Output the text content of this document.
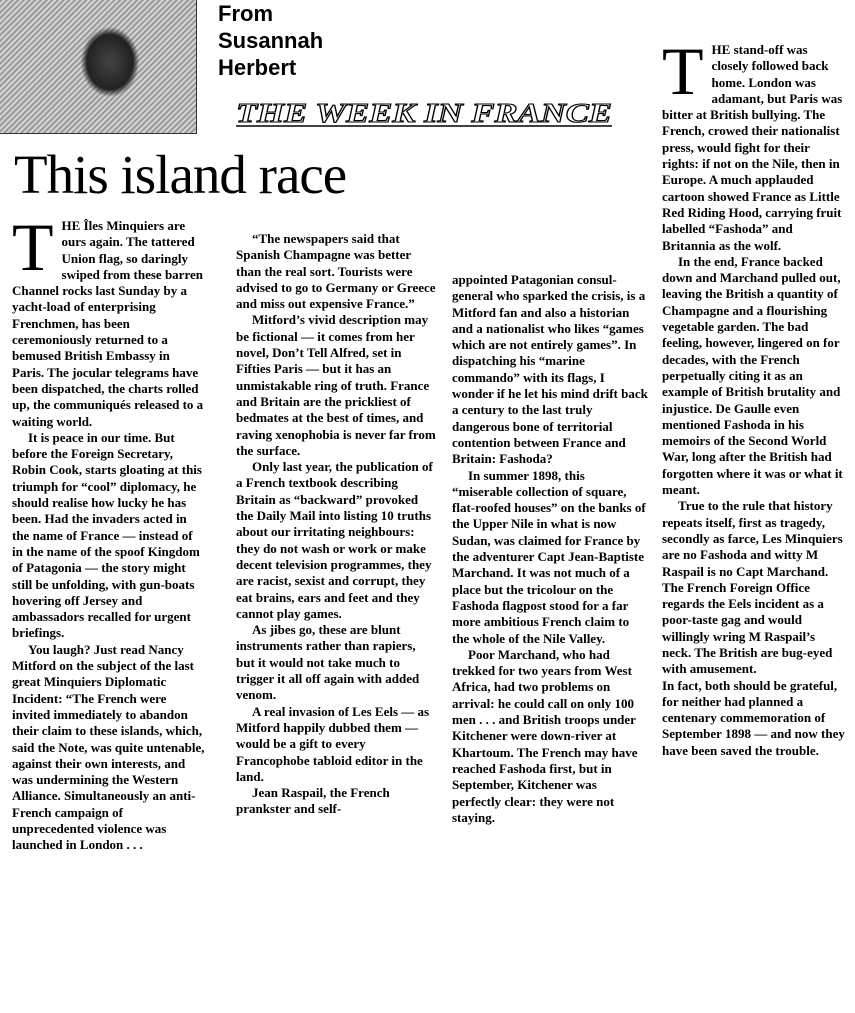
From
Susannah
Herbert
THE WEEK IN FRANCE
This island race
T HE Îles Minquiers are ours again. The tattered Union flag, so daringly swiped from these barren Channel rocks last Sunday by a yacht-load of enterprising Frenchmen, has been ceremoniously returned to a bemused British Embassy in Paris. The jocular telegrams have been dispatched, the charts rolled up, the communiqués released to a waiting world.

It is peace in our time. But before the Foreign Secretary, Robin Cook, starts gloating at this triumph for “cool” diplomacy, he should realise how lucky he has been. Had the invaders acted in the name of France — instead of in the name of the spoof Kingdom of Patagonia — the story might still be unfolding, with gun-boats hovering off Jersey and ambassadors recalled for urgent briefings.

You laugh? Just read Nancy Mitford on the subject of the last great Minquiers Diplomatic Incident: “The French were invited immediately to abandon their claim to these islands, which, said the Note, was quite untenable, against their own interests, and was undermining the Western Alliance. Simultaneously an anti-French campaign of unprecedented violence was launched in London . . .

“The newspapers said that Spanish Champagne was better than the real sort. Tourists were advised to go to Germany or Greece and miss out expensive France.”

Mitford’s vivid description may be fictional — it comes from her novel, Don’t Tell Alfred, set in Fifties Paris — but it has an unmistakable ring of truth. France and Britain are the prickliest of bedmates at the best of times, and raving xenophobia is never far from the surface.

Only last year, the publication of a French textbook describing Britain as “backward” provoked the Daily Mail into listing 10 truths about our irritating neighbours: they do not wash or work or make decent television programmes, they are racist, sexist and corrupt, they eat brains, ears and feet and they cannot play games.

As jibes go, these are blunt instruments rather than rapiers, but it would not take much to trigger it all off again with added venom.

A real invasion of Les Eels — as Mitford happily dubbed them — would be a gift to every Francophobe tabloid editor in the land.

Jean Raspail, the French prankster and self-

appointed Patagonian consul-general who sparked the crisis, is a Mitford fan and also a historian and a nationalist who likes “games which are not entirely games”. In dispatching his “marine commando” with its flags, I wonder if he let his mind drift back a century to the last truly dangerous bone of territorial contention between France and Britain: Fashoda?

In summer 1898, this “miserable collection of square, flat-roofed houses” on the banks of the Upper Nile in what is now Sudan, was claimed for France by the adventurer Capt Jean-Baptiste Marchand. It was not much of a place but the tricolour on the Fashoda flagpost stood for a far more ambitious French claim to the whole of the Nile Valley.

Poor Marchand, who had trekked for two years from West Africa, had two problems on arrival: he could call on only 100 men . . . and British troops under Kitchener were down-river at Khartoum. The French may have reached Fashoda first, but in September, Kitchener was perfectly clear: they were not staying.

T HE stand-off was closely followed back home. London was adamant, but Paris was bitter at British bullying. The French, crowed their nationalist press, would fight for their rights: if not on the Nile, then in Europe. A much applauded cartoon showed France as Little Red Riding Hood, carrying fruit labelled “Fashoda” and Britannia as the wolf.

In the end, France backed down and Marchand pulled out, leaving the British a quantity of Champagne and a flourishing vegetable garden. The bad feeling, however, lingered on for decades, with the French perpetually citing it as an example of British brutality and injustice. De Gaulle even mentioned Fashoda in his memoirs of the Second World War, long after the British had forgotten where it was or what it meant.

True to the rule that history repeats itself, first as tragedy, secondly as farce, Les Minquiers are no Fashoda and witty M Raspail is no Capt Marchand. The French Foreign Office regards the Eels incident as a poor-taste gag and would willingly wring M Raspail’s neck. The British are bug-eyed with amusement.

In fact, both should be grateful, for neither had planned a centenary commemoration of September 1898 — and now they have been saved the trouble.
